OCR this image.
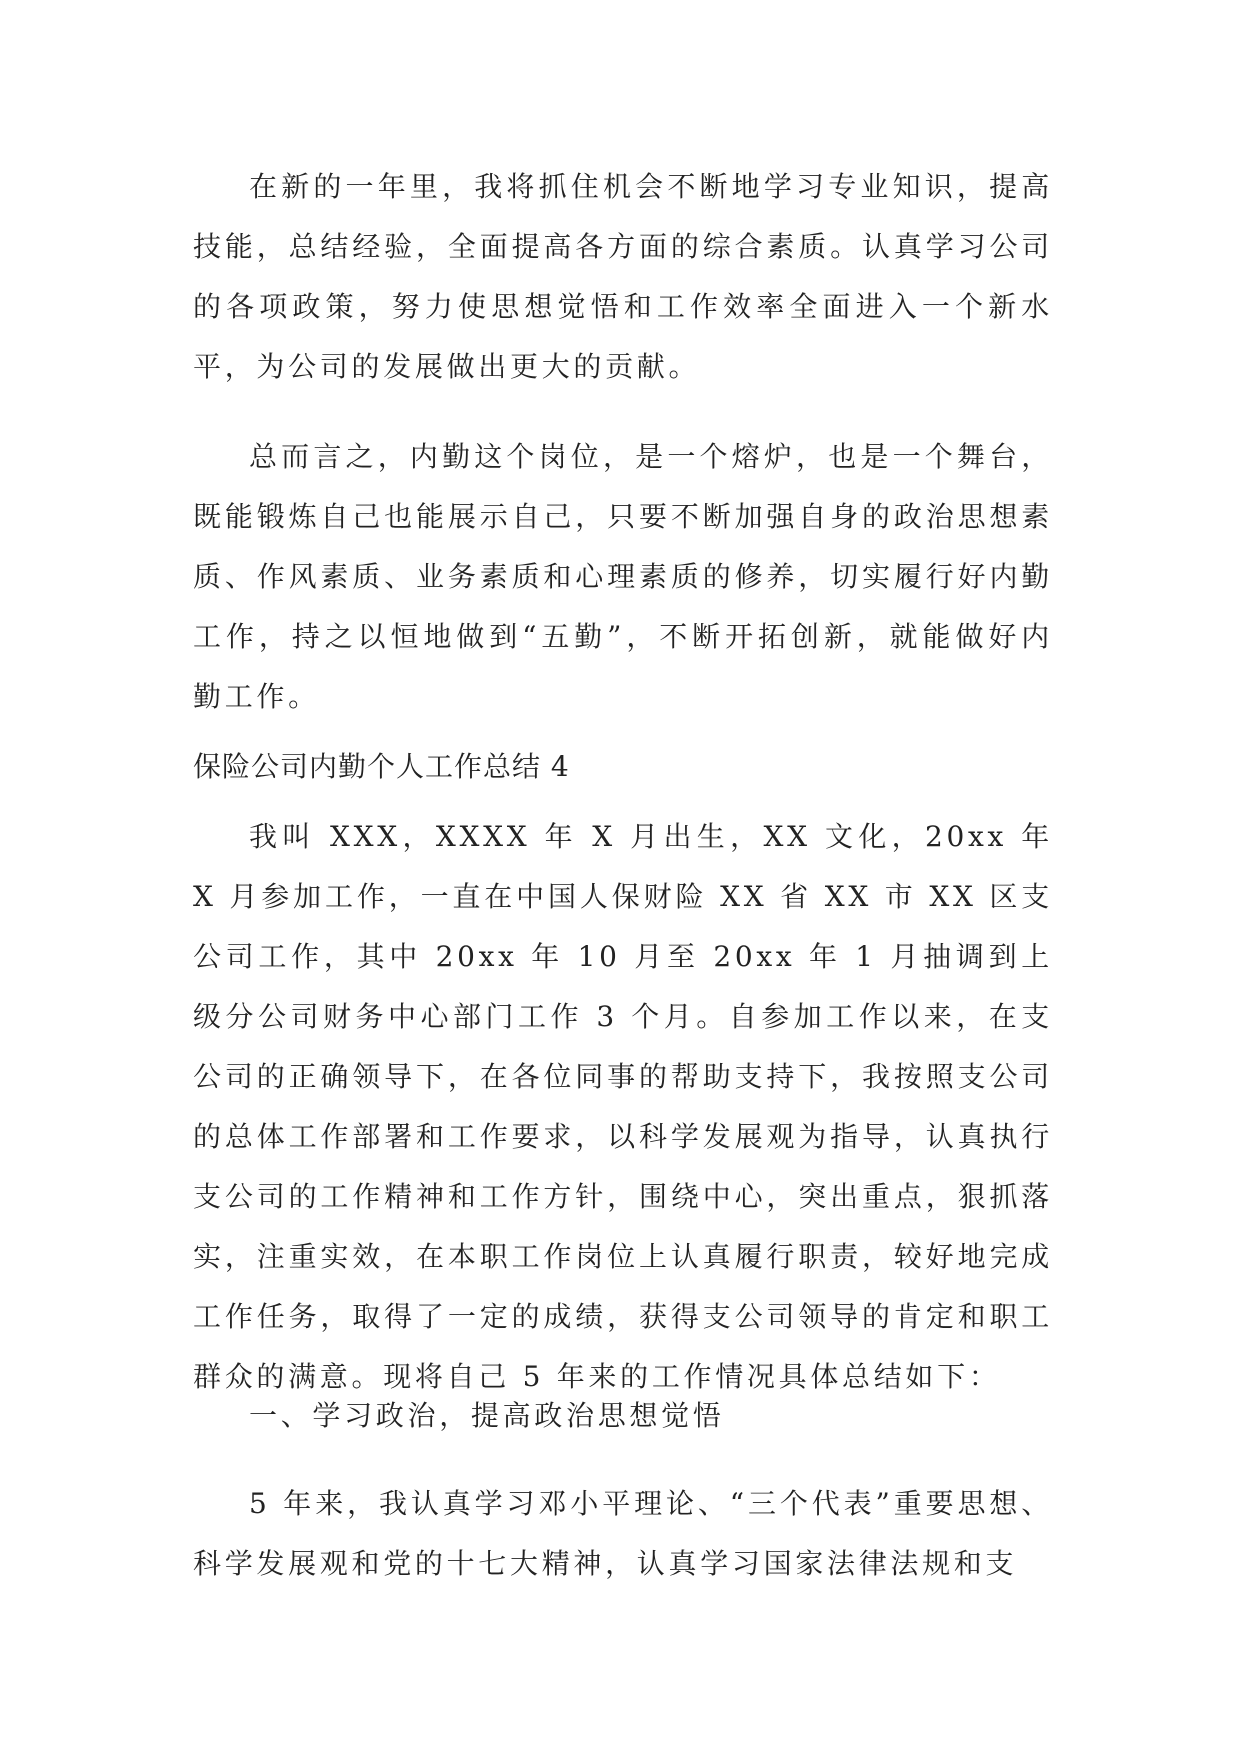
在新的一年里，我将抓住机会不断地学习专业知识，提高技能，总结经验，全面提高各方面的综合素质。认真学习公司的各项政策，努力使思想觉悟和工作效率全面进入一个新水平，为公司的发展做出更大的贡献。

总而言之，内勤这个岗位，是一个熔炉，也是一个舞台，既能锻炼自己也能展示自己，只要不断加强自身的政治思想素质、作风素质、业务素质和心理素质的修养，切实履行好内勤工作，持之以恒地做到“五勤”，不断开拓创新，就能做好内勤工作。

保险公司内勤个人工作总结 4

我叫 XXX，XXXX 年 X 月出生，XX 文化，20xx 年 X 月参加工作，一直在中国人保财险 XX 省 XX 市 XX 区支公司工作，其中 20xx 年 10 月至 20xx 年 1 月抽调到上级分公司财务中心部门工作 3 个月。自参加工作以来，在支公司的正确领导下，在各位同事的帮助支持下，我按照支公司的总体工作部署和工作要求，以科学发展观为指导，认真执行支公司的工作精神和工作方针，围绕中心，突出重点，狠抓落实，注重实效，在本职工作岗位上认真履行职责，较好地完成工作任务，取得了一定的成绩，获得支公司领导的肯定和职工群众的满意。现将自己 5 年来的工作情况具体总结如下：

一、学习政治，提高政治思想觉悟

5 年来，我认真学习邓小平理论、“三个代表”重要思想、科学发展观和党的十七大精神，认真学习国家法律法规和支
